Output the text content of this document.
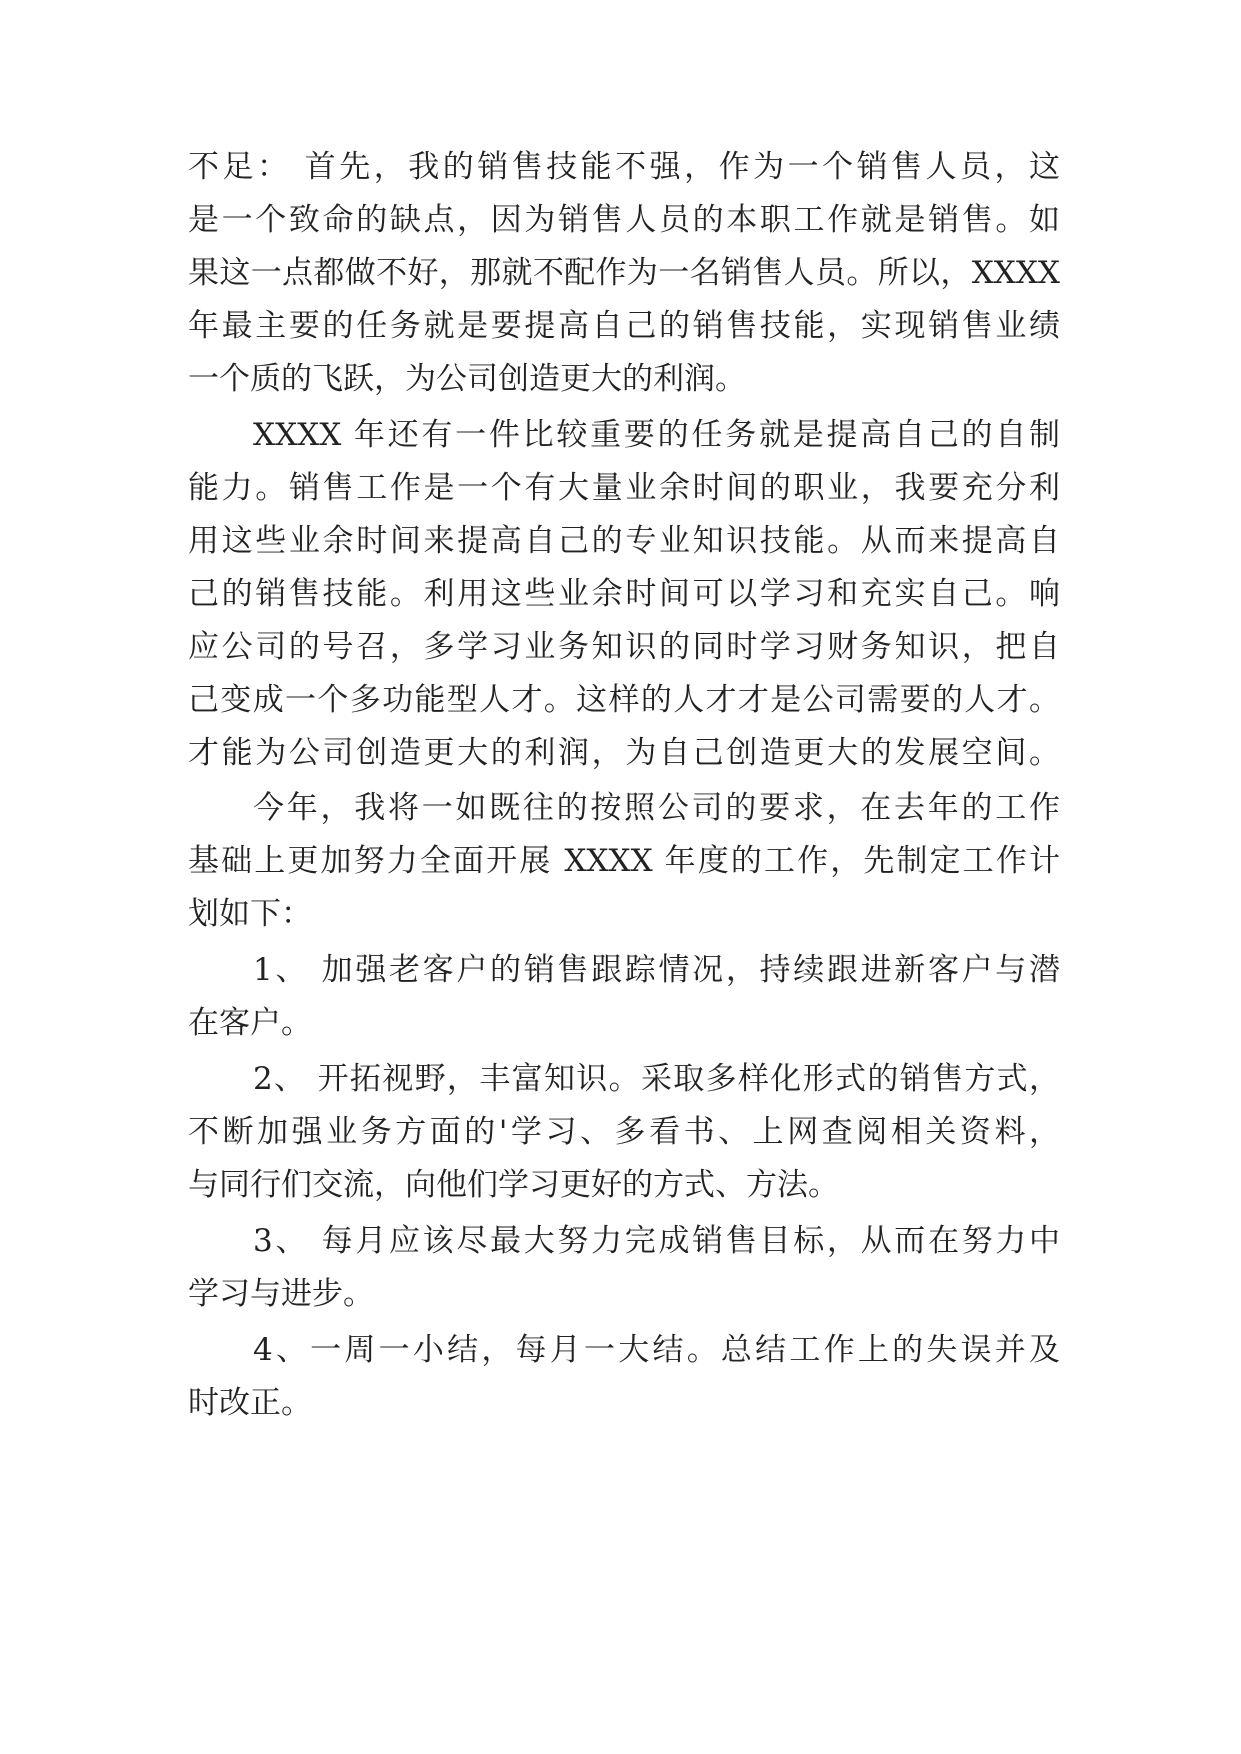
不足： 首先，我的销售技能不强，作为一个销售人员，这
是一个致命的缺点，因为销售人员的本职工作就是销售。如
果这一点都做不好，那就不配作为一名销售人员。所以，XXXX
年最主要的任务就是要提高自己的销售技能，实现销售业绩
一个质的飞跃，为公司创造更大的利润。
XXXX 年还有一件比较重要的任务就是提高自己的自制
能力。销售工作是一个有大量业余时间的职业，我要充分利
用这些业余时间来提高自己的专业知识技能。从而来提高自
己的销售技能。利用这些业余时间可以学习和充实自己。响
应公司的号召，多学习业务知识的同时学习财务知识，把自
己变成一个多功能型人才。这样的人才才是公司需要的人才。
才能为公司创造更大的利润，为自己创造更大的发展空间。
今年，我将一如既往的按照公司的要求，在去年的工作
基础上更加努力全面开展 XXXX 年度的工作，先制定工作计
划如下：
1、 加强老客户的销售跟踪情况，持续跟进新客户与潜
在客户。
2、 开拓视野，丰富知识。采取多样化形式的销售方式，
不断加强业务方面的'学习、多看书、上网查阅相关资料，
与同行们交流，向他们学习更好的方式、方法。
3、 每月应该尽最大努力完成销售目标，从而在努力中
学习与进步。
4、一周一小结，每月一大结。总结工作上的失误并及
时改正。
